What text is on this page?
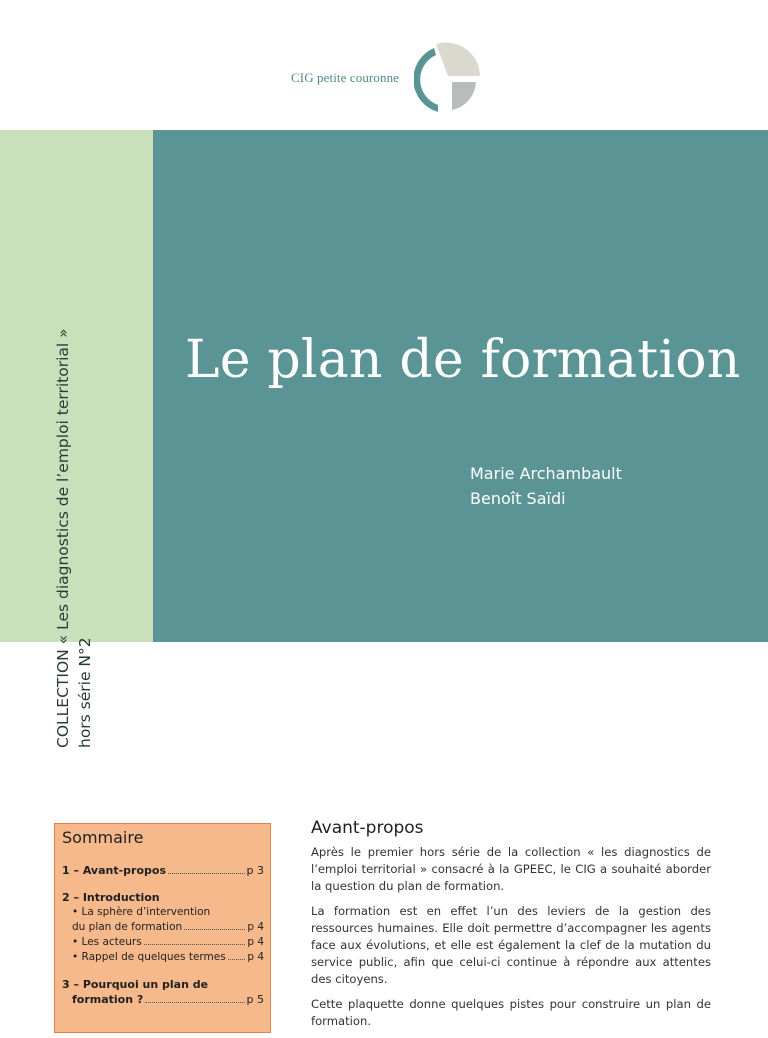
CIG petite couronne
COLLECTION « Les diagnostics de l’emploi territorial » hors série N°2
Le plan de formation
Marie Archambault
Benoît Saïdi
Sommaire
1 – Avant-propos	p 3
2 – Introduction
• La sphère d’intervention
du plan de formation	p 4
• Les acteurs	p 4
• Rappel de quelques termes p 4
3 – Pourquoi un plan de
formation ?	p 5
Avant-propos

Après le premier hors série de la collection « les diagnostics de l’emploi territorial » consacré à la GPEEC, le CIG a souhaité aborder la question du plan de formation.

La formation est en effet l’un des leviers de la gestion des ressources humaines. Elle doit permettre d’accompagner les agents face aux évolutions, et elle est également la clef de la mutation du service public, afin que celui-ci continue à répondre aux attentes des citoyens.

Cette plaquette donne quelques pistes pour construire un plan de formation.
